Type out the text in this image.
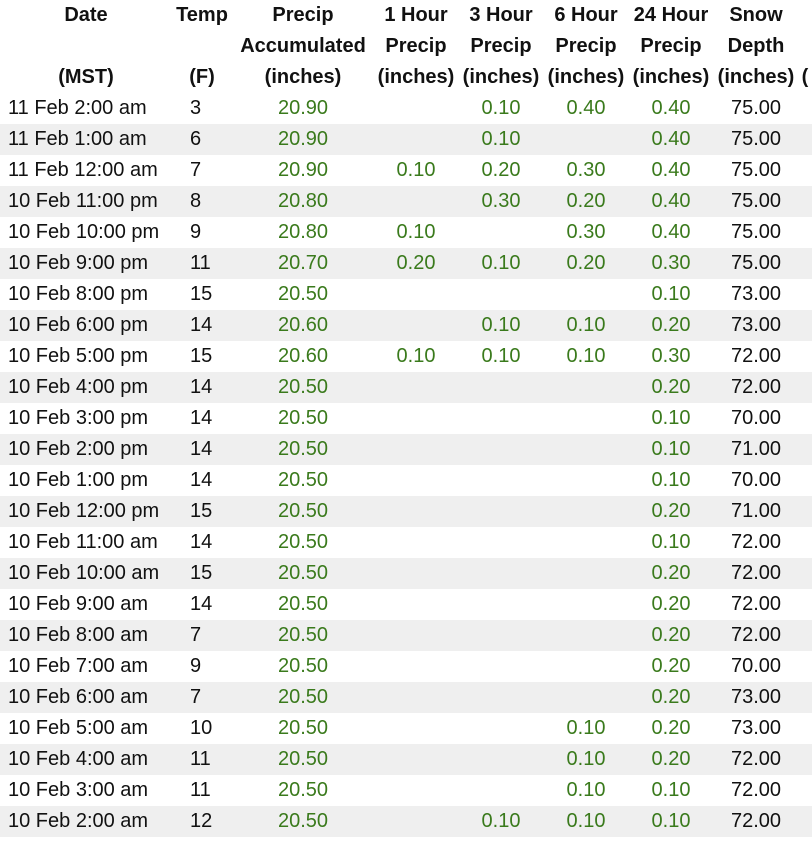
Date	Temp	Precip	1 Hour	3 Hour	6 Hour	24 Hour	Snow	
		Accumulated	Precip	Precip	Precip	Precip	Depth	
(MST)	(F)	(inches)	(inches)	(inches)	(inches)	(inches)	(inches)	(
11 Feb 2:00 am	3	20.90		0.10	0.40	0.40	75.00	
11 Feb 1:00 am	6	20.90		0.10		0.40	75.00	
11 Feb 12:00 am	7	20.90	0.10	0.20	0.30	0.40	75.00	
10 Feb 11:00 pm	8	20.80		0.30	0.20	0.40	75.00	
10 Feb 10:00 pm	9	20.80	0.10		0.30	0.40	75.00	
10 Feb 9:00 pm	11	20.70	0.20	0.10	0.20	0.30	75.00	
10 Feb 8:00 pm	15	20.50				0.10	73.00	
10 Feb 6:00 pm	14	20.60		0.10	0.10	0.20	73.00	
10 Feb 5:00 pm	15	20.60	0.10	0.10	0.10	0.30	72.00	
10 Feb 4:00 pm	14	20.50				0.20	72.00	
10 Feb 3:00 pm	14	20.50				0.10	70.00	
10 Feb 2:00 pm	14	20.50				0.10	71.00	
10 Feb 1:00 pm	14	20.50				0.10	70.00	
10 Feb 12:00 pm	15	20.50				0.20	71.00	
10 Feb 11:00 am	14	20.50				0.10	72.00	
10 Feb 10:00 am	15	20.50				0.20	72.00	
10 Feb 9:00 am	14	20.50				0.20	72.00	
10 Feb 8:00 am	7	20.50				0.20	72.00	
10 Feb 7:00 am	9	20.50				0.20	70.00	
10 Feb 6:00 am	7	20.50				0.20	73.00	
10 Feb 5:00 am	10	20.50			0.10	0.20	73.00	
10 Feb 4:00 am	11	20.50			0.10	0.20	72.00	
10 Feb 3:00 am	11	20.50			0.10	0.10	72.00	
10 Feb 2:00 am	12	20.50		0.10	0.10	0.10	72.00	
